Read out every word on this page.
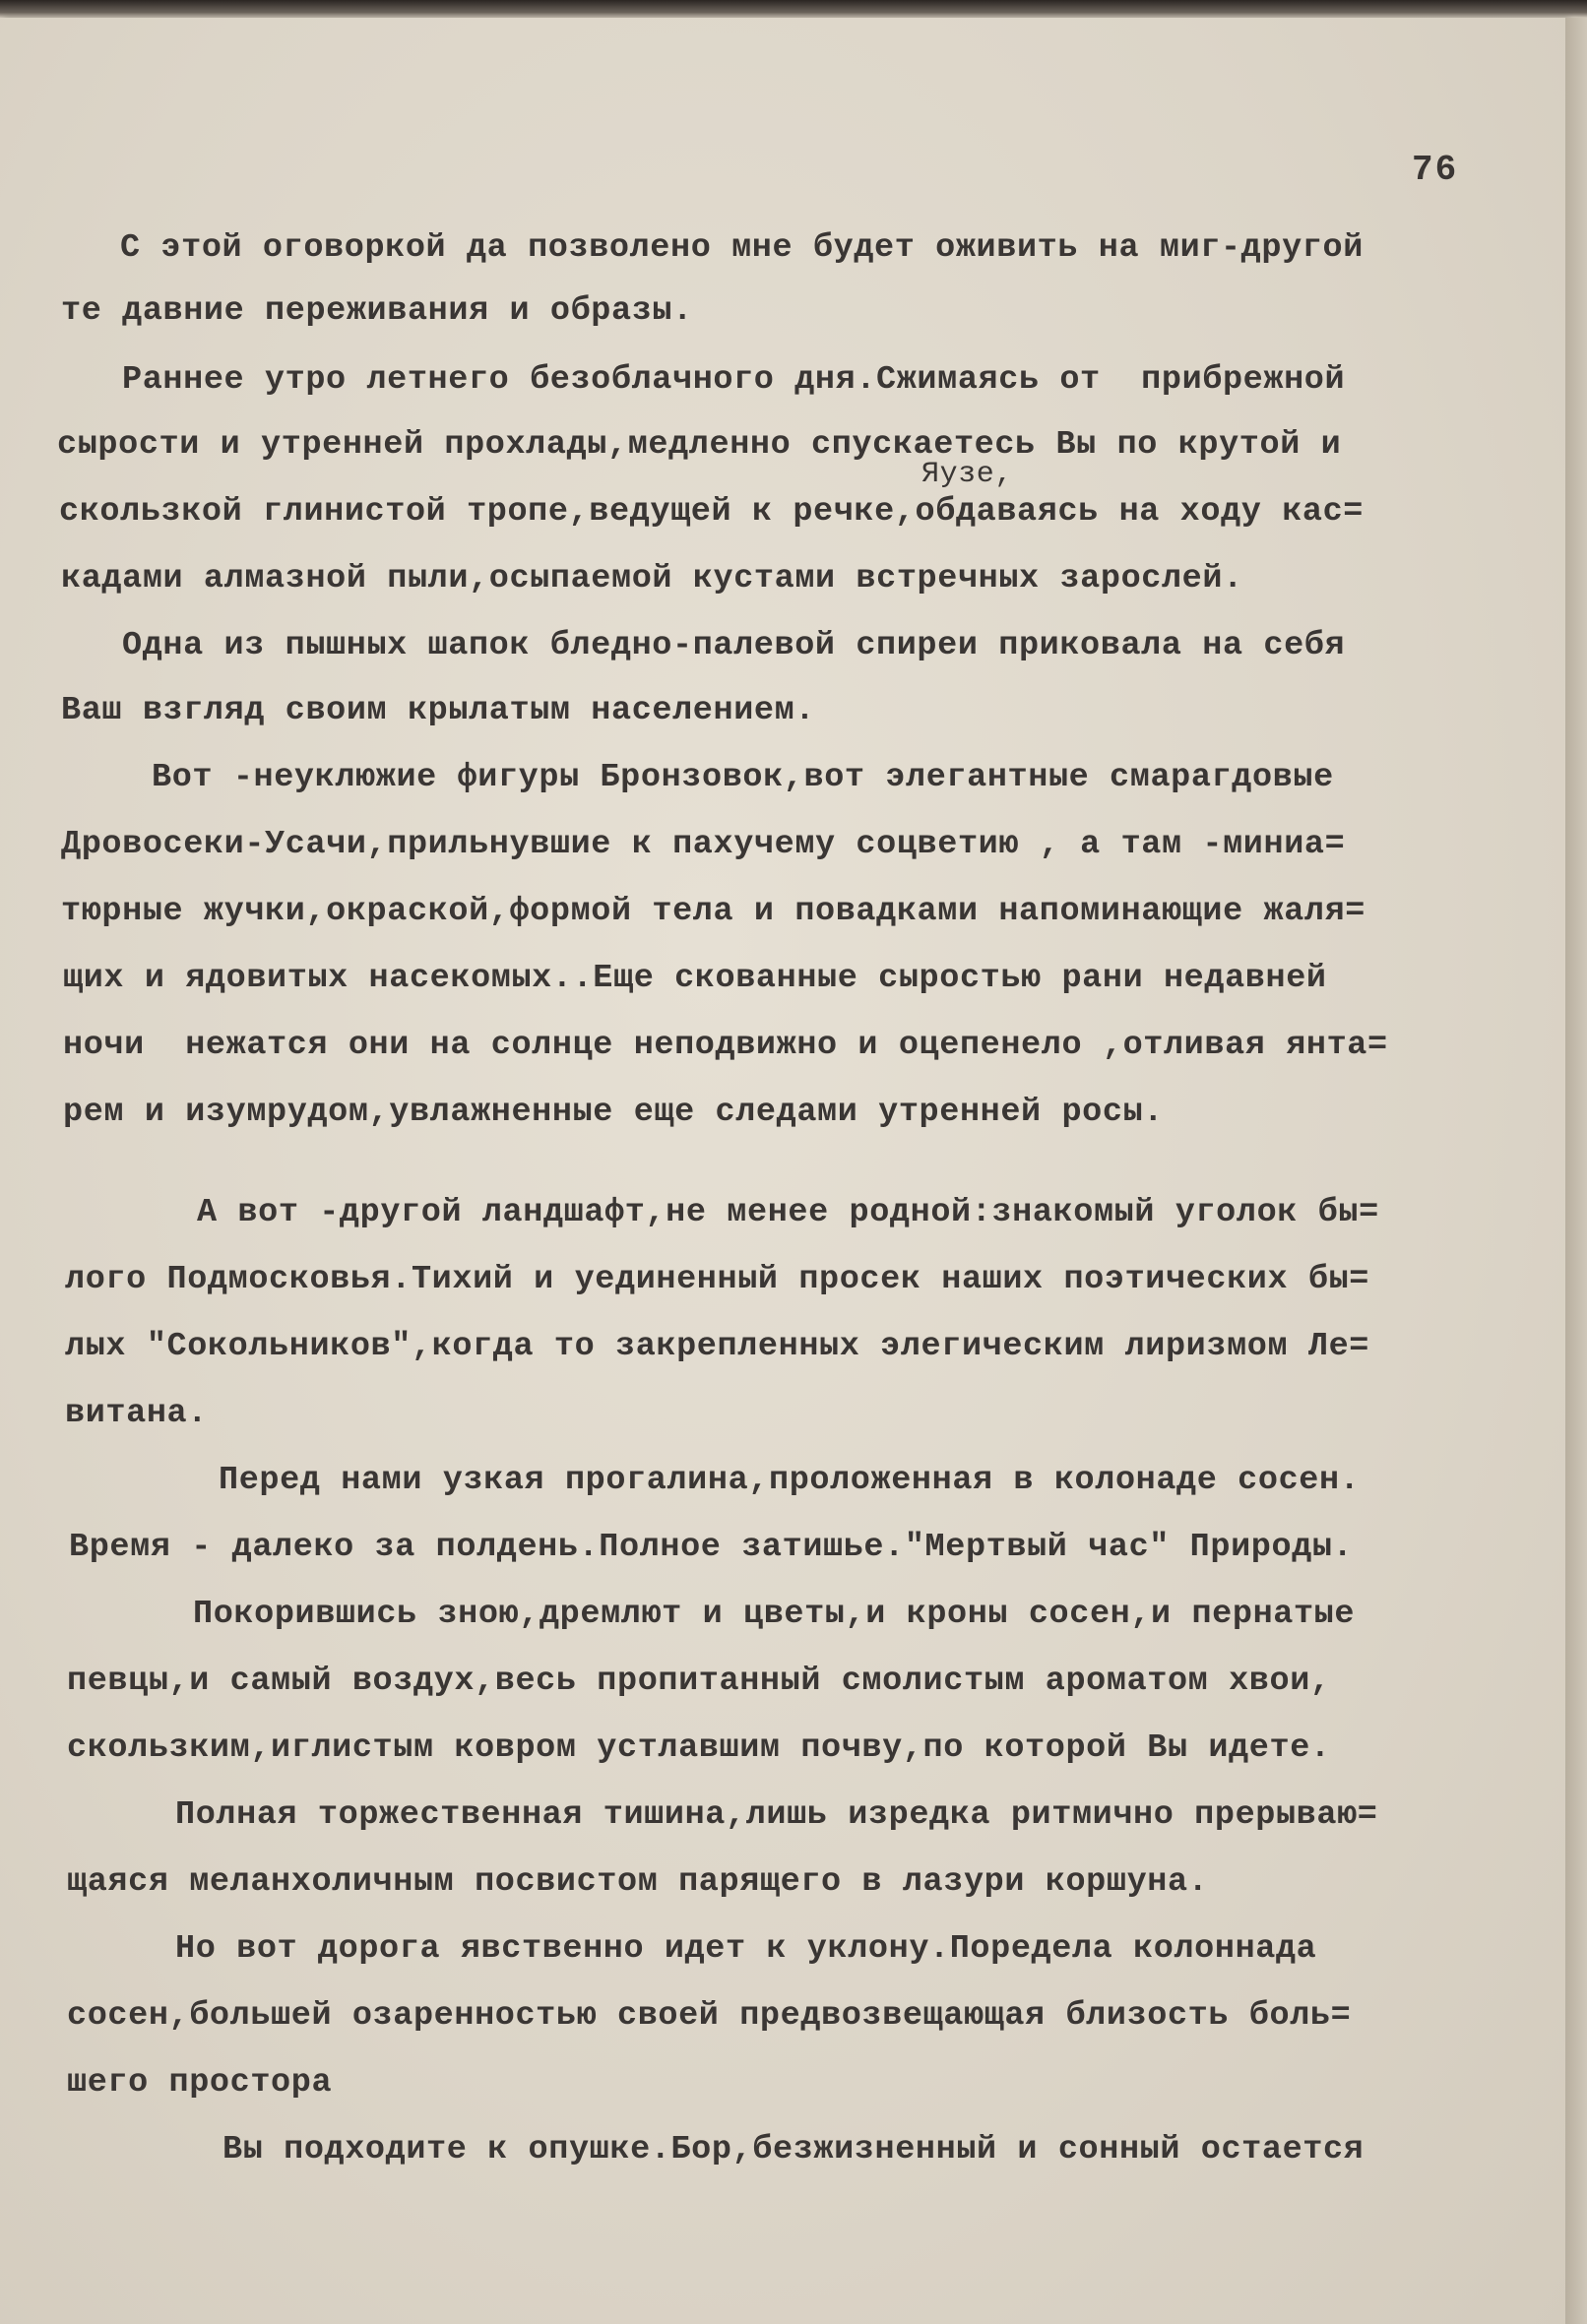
76
Яузе,
С этой оговоркой да позволено мне будет оживить на миг-другой
те давние переживания и образы.
Раннее утро летнего безоблачного дня.Сжимаясь от  прибрежной
сырости и утренней прохлады,медленно спускаетесь Вы по крутой и
скользкой глинистой тропе,ведущей к речке,обдаваясь на ходу кас=
кадами алмазной пыли,осыпаемой кустами встречных зарослей.
Одна из пышных шапок бледно-палевой спиреи приковала на себя
Ваш взгляд своим крылатым населением.
Вот -неуклюжие фигуры Бронзовок,вот элегантные смарагдовые
Дровосеки-Усачи,прильнувшие к пахучему соцветию , а там -миниа=
тюрные жучки,окраской,формой тела и повадками напоминающие жаля=
щих и ядовитых насекомых..Еще скованные сыростью рани недавней
ночи  нежатся они на солнце неподвижно и оцепенело ,отливая янта=
рем и изумрудом,увлажненные еще следами утренней росы.
А вот -другой ландшафт,не менее родной:знакомый уголок бы=
лого Подмосковья.Тихий и уединенный просек наших поэтических бы=
лых "Сокольников",когда то закрепленных элегическим лиризмом Ле=
витана.
Перед нами узкая прогалина,проложенная в колонаде сосен.
Время - далеко за полдень.Полное затишье."Мертвый час" Природы.
Покорившись зною,дремлют и цветы,и кроны сосен,и пернатые
певцы,и самый воздух,весь пропитанный смолистым ароматом хвои,
скользким,иглистым ковром устлавшим почву,по которой Вы идете.
Полная торжественная тишина,лишь изредка ритмично прерываю=
щаяся меланхоличным посвистом парящего в лазури коршуна.
Но вот дорога явственно идет к уклону.Поредела колоннада
сосен,большей озаренностью своей предвозвещающая близость боль=
шего простора
Вы подходите к опушке.Бор,безжизненный и сонный остается
